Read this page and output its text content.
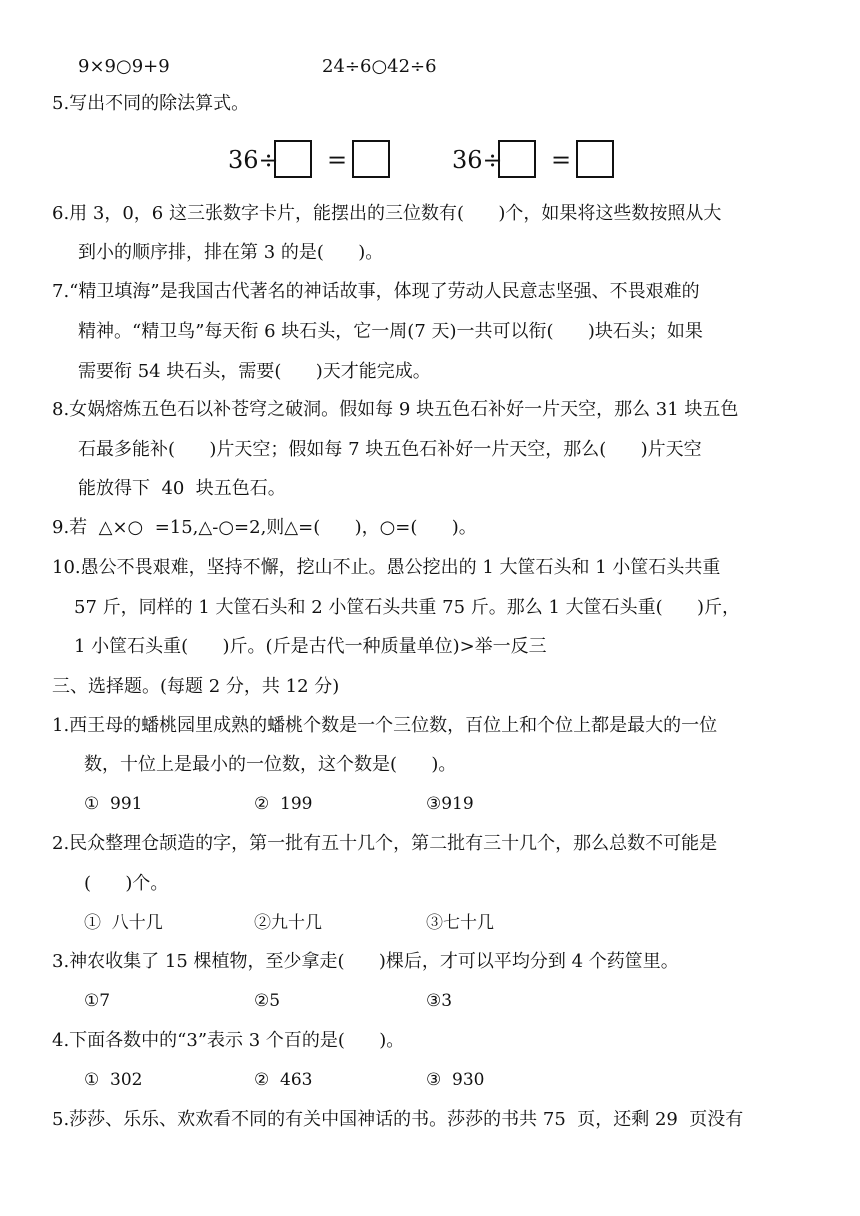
9×9○9+9	24÷6○42÷6
5.写出不同的除法算式。
36÷ =	36÷ =
6.用 3，0，6 这三张数字卡片，能摆出的三位数有(      )个，如果将这些数按照从大
到小的顺序排，排在第 3 的是(      )。
7.“精卫填海”是我国古代著名的神话故事，体现了劳动人民意志坚强、不畏艰难的
精神。“精卫鸟”每天衔 6 块石头，它一周(7 天)一共可以衔(      )块石头；如果
需要衔 54 块石头，需要(      )天才能完成。
8.女娲熔炼五色石以补苍穹之破洞。假如每 9 块五色石补好一片天空，那么 31 块五色
石最多能补(      )片天空；假如每 7 块五色石补好一片天空，那么(      )片天空
能放得下  40  块五色石。
9.若  △×○  =15,△-○=2,则△=(      )，○=(      )。
10.愚公不畏艰难，坚持不懈，挖山不止。愚公挖出的 1 大筐石头和 1 小筐石头共重
57 斤，同样的 1 大筐石头和 2 小筐石头共重 75 斤。那么 1 大筐石头重(      )斤，
1 小筐石头重(      )斤。(斤是古代一种质量单位)>举一反三
三、选择题。(每题 2 分，共 12 分)
1.西王母的蟠桃园里成熟的蟠桃个数是一个三位数，百位上和个位上都是最大的一位
数，十位上是最小的一位数，这个数是(      )。
①  991	②  199	③919
2.民众整理仓颉造的字，第一批有五十几个，第二批有三十几个，那么总数不可能是
(      )个。
①  八十几	②九十几	③七十几
3.神农收集了 15 棵植物，至少拿走(      )棵后，才可以平均分到 4 个药筐里。
①7	②5	③3
4.下面各数中的“3”表示 3 个百的是(      )。
①  302	②  463	③  930
5.莎莎、乐乐、欢欢看不同的有关中国神话的书。莎莎的书共 75  页，还剩 29  页没有
